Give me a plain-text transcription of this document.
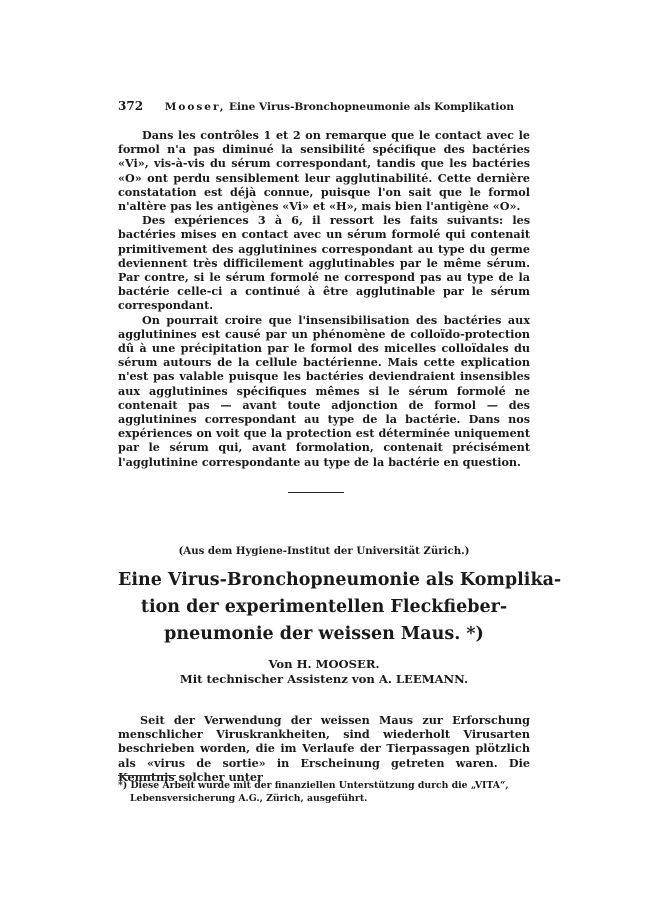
372 Mooser, Eine Virus-Bronchopneumonie als Komplikation

Dans les contrôles 1 et 2 on remarque que le contact avec le formol n'a pas diminué la sensibilité spécifique des bactéries «Vi», vis-à-vis du sérum correspondant, tandis que les bactéries «O» ont perdu sensiblement leur agglutinabilité. Cette dernière constatation est déjà connue, puisque l'on sait que le formol n'altère pas les antigènes «Vi» et «H», mais bien l'antigène «O».

Des expériences 3 à 6, il ressort les faits suivants: les bactéries mises en contact avec un sérum formolé qui contenait primitivement des agglutinines correspondant au type du germe deviennent très difficilement agglutinables par le même sérum. Par contre, si le sérum formolé ne correspond pas au type de la bactérie celle-ci a continué à être agglutinable par le sérum correspondant.

On pourrait croire que l'insensibilisation des bactéries aux agglutinines est causé par un phénomène de colloïdo-protection dû à une précipitation par le formol des micelles colloïdales du sérum autours de la cellule bactérienne. Mais cette explication n'est pas valable puisque les bactéries deviendraient insensibles aux agglutinines spécifiques mêmes si le sérum formolé ne contenait pas — avant toute adjonction de formol — des agglutinines correspondant au type de la bactérie. Dans nos expériences on voit que la protection est déterminée uniquement par le sérum qui, avant formolation, contenait précisément l'agglutinine correspondante au type de la bactérie en question.

(Aus dem Hygiene-Institut der Universität Zürich.)
Eine Virus-Bronchopneumonie als Komplika-
tion der experimentellen Fleckfieber-
pneumonie der weissen Maus. *)
Von H. MOOSER.
Mit technischer Assistenz von A. LEEMANN.

Seit der Verwendung der weissen Maus zur Erforschung menschlicher Viruskrankheiten, sind wiederholt Virusarten beschrieben worden, die im Verlaufe der Tierpassagen plötzlich als «virus de sortie» in Erscheinung getreten waren. Die Kenntnis solcher unter

*) Diese Arbeit wurde mit der finanziellen Unterstützung durch die „VITA“,
Lebensversicherung A.G., Zürich, ausgeführt.
